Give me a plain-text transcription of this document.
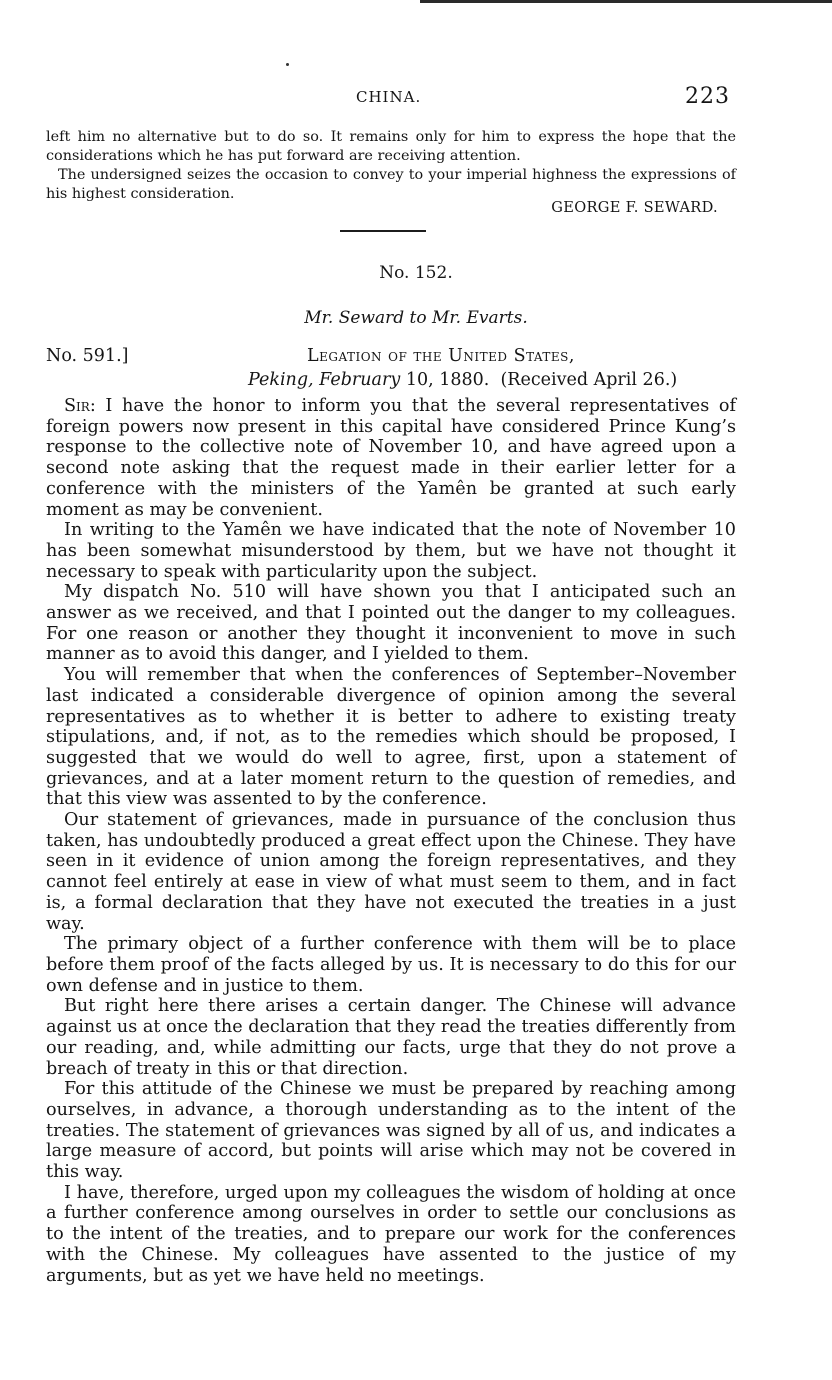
CHINA.	223

left him no alternative but to do so. It remains only for him to express the hope that the considerations which he has put forward are receiving attention.

The undersigned seizes the occasion to convey to your imperial highness the expressions of his highest consideration.

GEORGE F. SEWARD.
No. 152.
Mr. Seward to Mr. Evarts.
No. 591.]	Legation of the United States,
Peking, February 10, 1880. (Received April 26.)

Sir: I have the honor to inform you that the several representatives of foreign powers now present in this capital have considered Prince Kung’s response to the collective note of November 10, and have agreed upon a second note asking that the request made in their earlier letter for a conference with the ministers of the Yamên be granted at such early moment as may be convenient.

In writing to the Yamên we have indicated that the note of November 10 has been somewhat misunderstood by them, but we have not thought it necessary to speak with particularity upon the subject.

My dispatch No. 510 will have shown you that I anticipated such an answer as we received, and that I pointed out the danger to my colleagues. For one reason or another they thought it inconvenient to move in such manner as to avoid this danger, and I yielded to them.

You will remember that when the conferences of September–November last indicated a considerable divergence of opinion among the several representatives as to whether it is better to adhere to existing treaty stipulations, and, if not, as to the remedies which should be proposed, I suggested that we would do well to agree, first, upon a statement of grievances, and at a later moment return to the question of remedies, and that this view was assented to by the conference.

Our statement of grievances, made in pursuance of the conclusion thus taken, has undoubtedly produced a great effect upon the Chinese. They have seen in it evidence of union among the foreign representatives, and they cannot feel entirely at ease in view of what must seem to them, and in fact is, a formal declaration that they have not executed the treaties in a just way.

The primary object of a further conference with them will be to place before them proof of the facts alleged by us. It is necessary to do this for our own defense and in justice to them.

But right here there arises a certain danger. The Chinese will advance against us at once the declaration that they read the treaties differently from our reading, and, while admitting our facts, urge that they do not prove a breach of treaty in this or that direction.

For this attitude of the Chinese we must be prepared by reaching among ourselves, in advance, a thorough understanding as to the intent of the treaties. The statement of grievances was signed by all of us, and indicates a large measure of accord, but points will arise which may not be covered in this way.

I have, therefore, urged upon my colleagues the wisdom of holding at once a further conference among ourselves in order to settle our conclusions as to the intent of the treaties, and to prepare our work for the conferences with the Chinese. My colleagues have assented to the justice of my arguments, but as yet we have held no meetings.
